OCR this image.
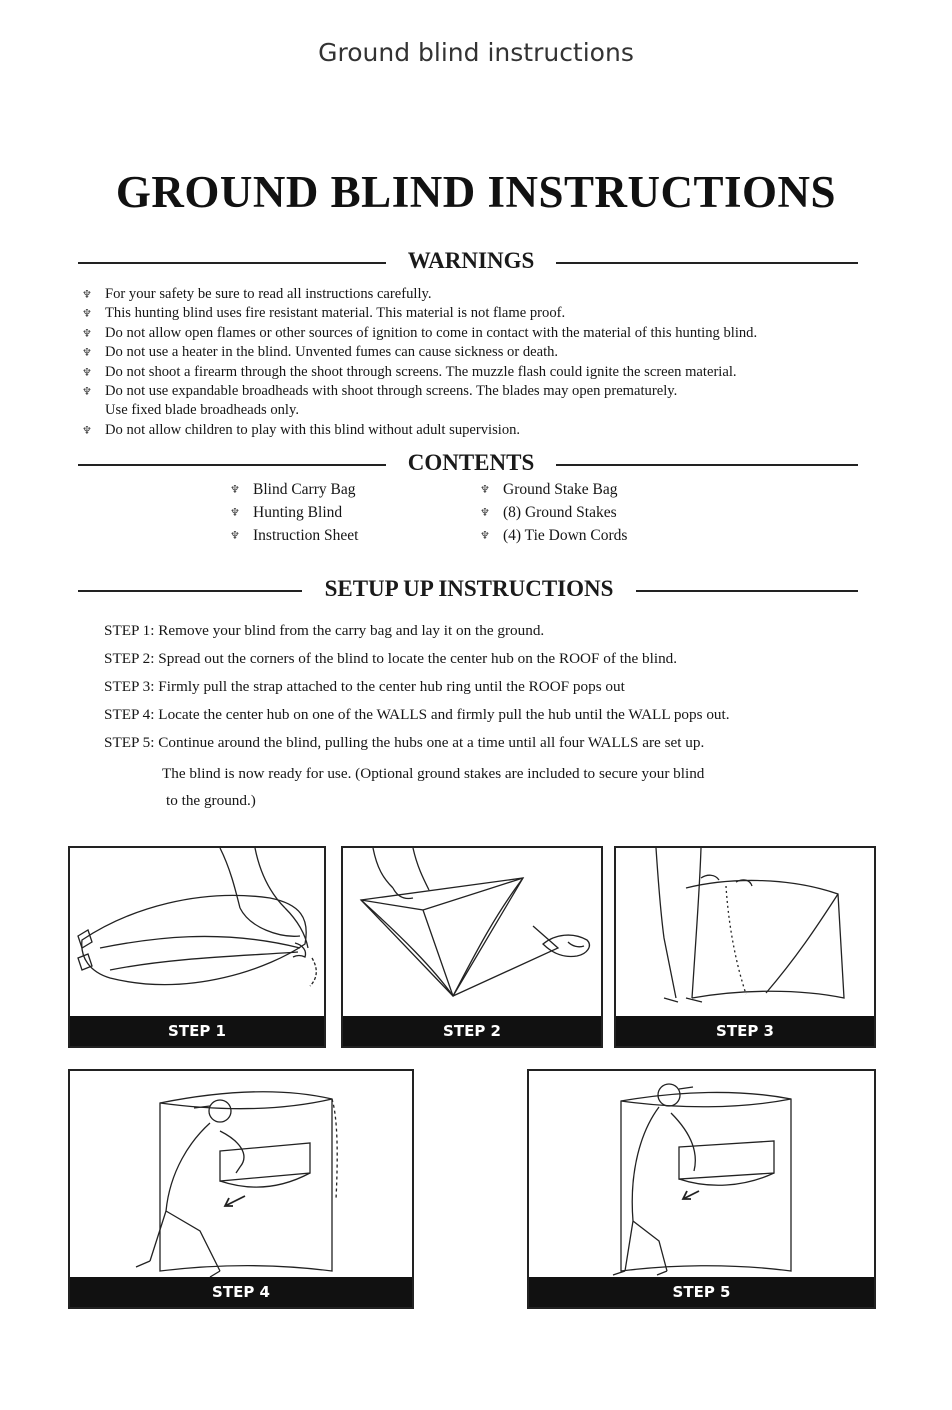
Ground blind instructions
GROUND BLIND INSTRUCTIONS
WARNINGS
♆ For your safety be sure to read all instructions carefully.
♆ This hunting blind uses fire resistant material. This material is not flame proof.
♆ Do not allow open flames or other sources of ignition to come in contact with the material of this hunting blind.
♆ Do not use a heater in the blind. Unvented fumes can cause sickness or death.
♆ Do not shoot a firearm through the shoot through screens. The muzzle flash could ignite the screen material.
♆ Do not use expandable broadheads with shoot through screens. The blades may open prematurely.
Use fixed blade broadheads only.
♆ Do not allow children to play with this blind without adult supervision.
CONTENTS
♆ Blind Carry Bag
♆ Hunting Blind
♆ Instruction Sheet
♆ Ground Stake Bag
♆ (8) Ground Stakes
♆ (4) Tie Down Cords
SETUP UP INSTRUCTIONS
STEP 1: Remove your blind from the carry bag and lay it on the ground.
STEP 2: Spread out the corners of the blind to locate the center hub on the ROOF of the blind.
STEP 3: Firmly pull the strap attached to the center hub ring until the ROOF pops out
STEP 4: Locate the center hub on one of the WALLS and firmly pull the hub until the WALL pops out.
STEP 5: Continue around the blind, pulling the hubs one at a time until all four WALLS are set up.
The blind is now ready for use. (Optional ground stakes are included to secure your blind
to the ground.)
STEP 1	STEP 2	STEP 3
STEP 4	STEP 5
